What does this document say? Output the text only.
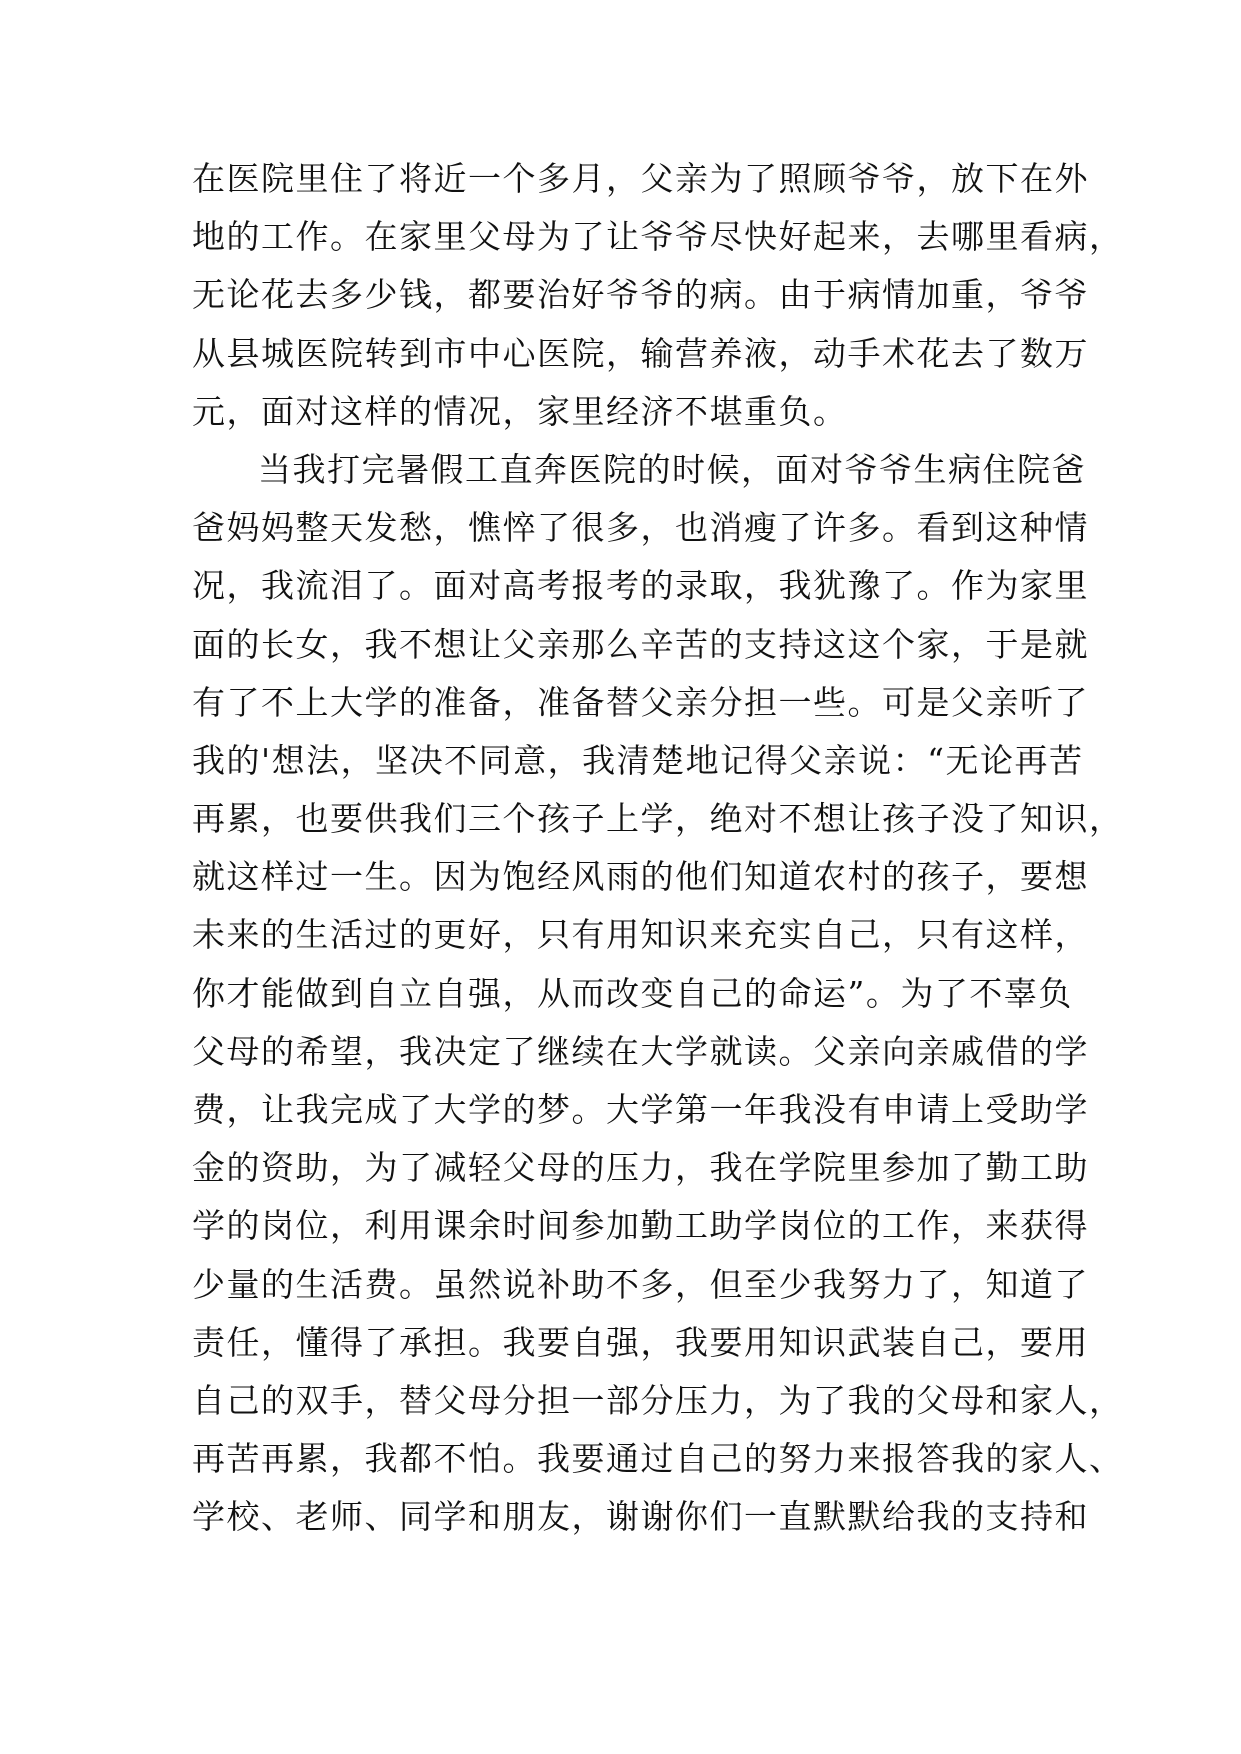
在医院里住了将近一个多月，父亲为了照顾爷爷，放下在外
地的工作。在家里父母为了让爷爷尽快好起来，去哪里看病，
无论花去多少钱，都要治好爷爷的病。由于病情加重，爷爷
从县城医院转到市中心医院，输营养液，动手术花去了数万
元，面对这样的情况，家里经济不堪重负。
当我打完暑假工直奔医院的时候，面对爷爷生病住院爸
爸妈妈整天发愁，憔悴了很多，也消瘦了许多。看到这种情
况，我流泪了。面对高考报考的录取，我犹豫了。作为家里
面的长女，我不想让父亲那么辛苦的支持这这个家，于是就
有了不上大学的准备，准备替父亲分担一些。可是父亲听了
我的'想法，坚决不同意，我清楚地记得父亲说：“无论再苦
再累，也要供我们三个孩子上学，绝对不想让孩子没了知识，
就这样过一生。因为饱经风雨的他们知道农村的孩子，要想
未来的生活过的更好，只有用知识来充实自己，只有这样，
你才能做到自立自强，从而改变自己的命运”。为了不辜负
父母的希望，我决定了继续在大学就读。父亲向亲戚借的学
费，让我完成了大学的梦。大学第一年我没有申请上受助学
金的资助，为了减轻父母的压力，我在学院里参加了勤工助
学的岗位，利用课余时间参加勤工助学岗位的工作，来获得
少量的生活费。虽然说补助不多，但至少我努力了，知道了
责任，懂得了承担。我要自强，我要用知识武装自己，要用
自己的双手，替父母分担一部分压力，为了我的父母和家人，
再苦再累，我都不怕。我要通过自己的努力来报答我的家人、
学校、老师、同学和朋友，谢谢你们一直默默给我的支持和
